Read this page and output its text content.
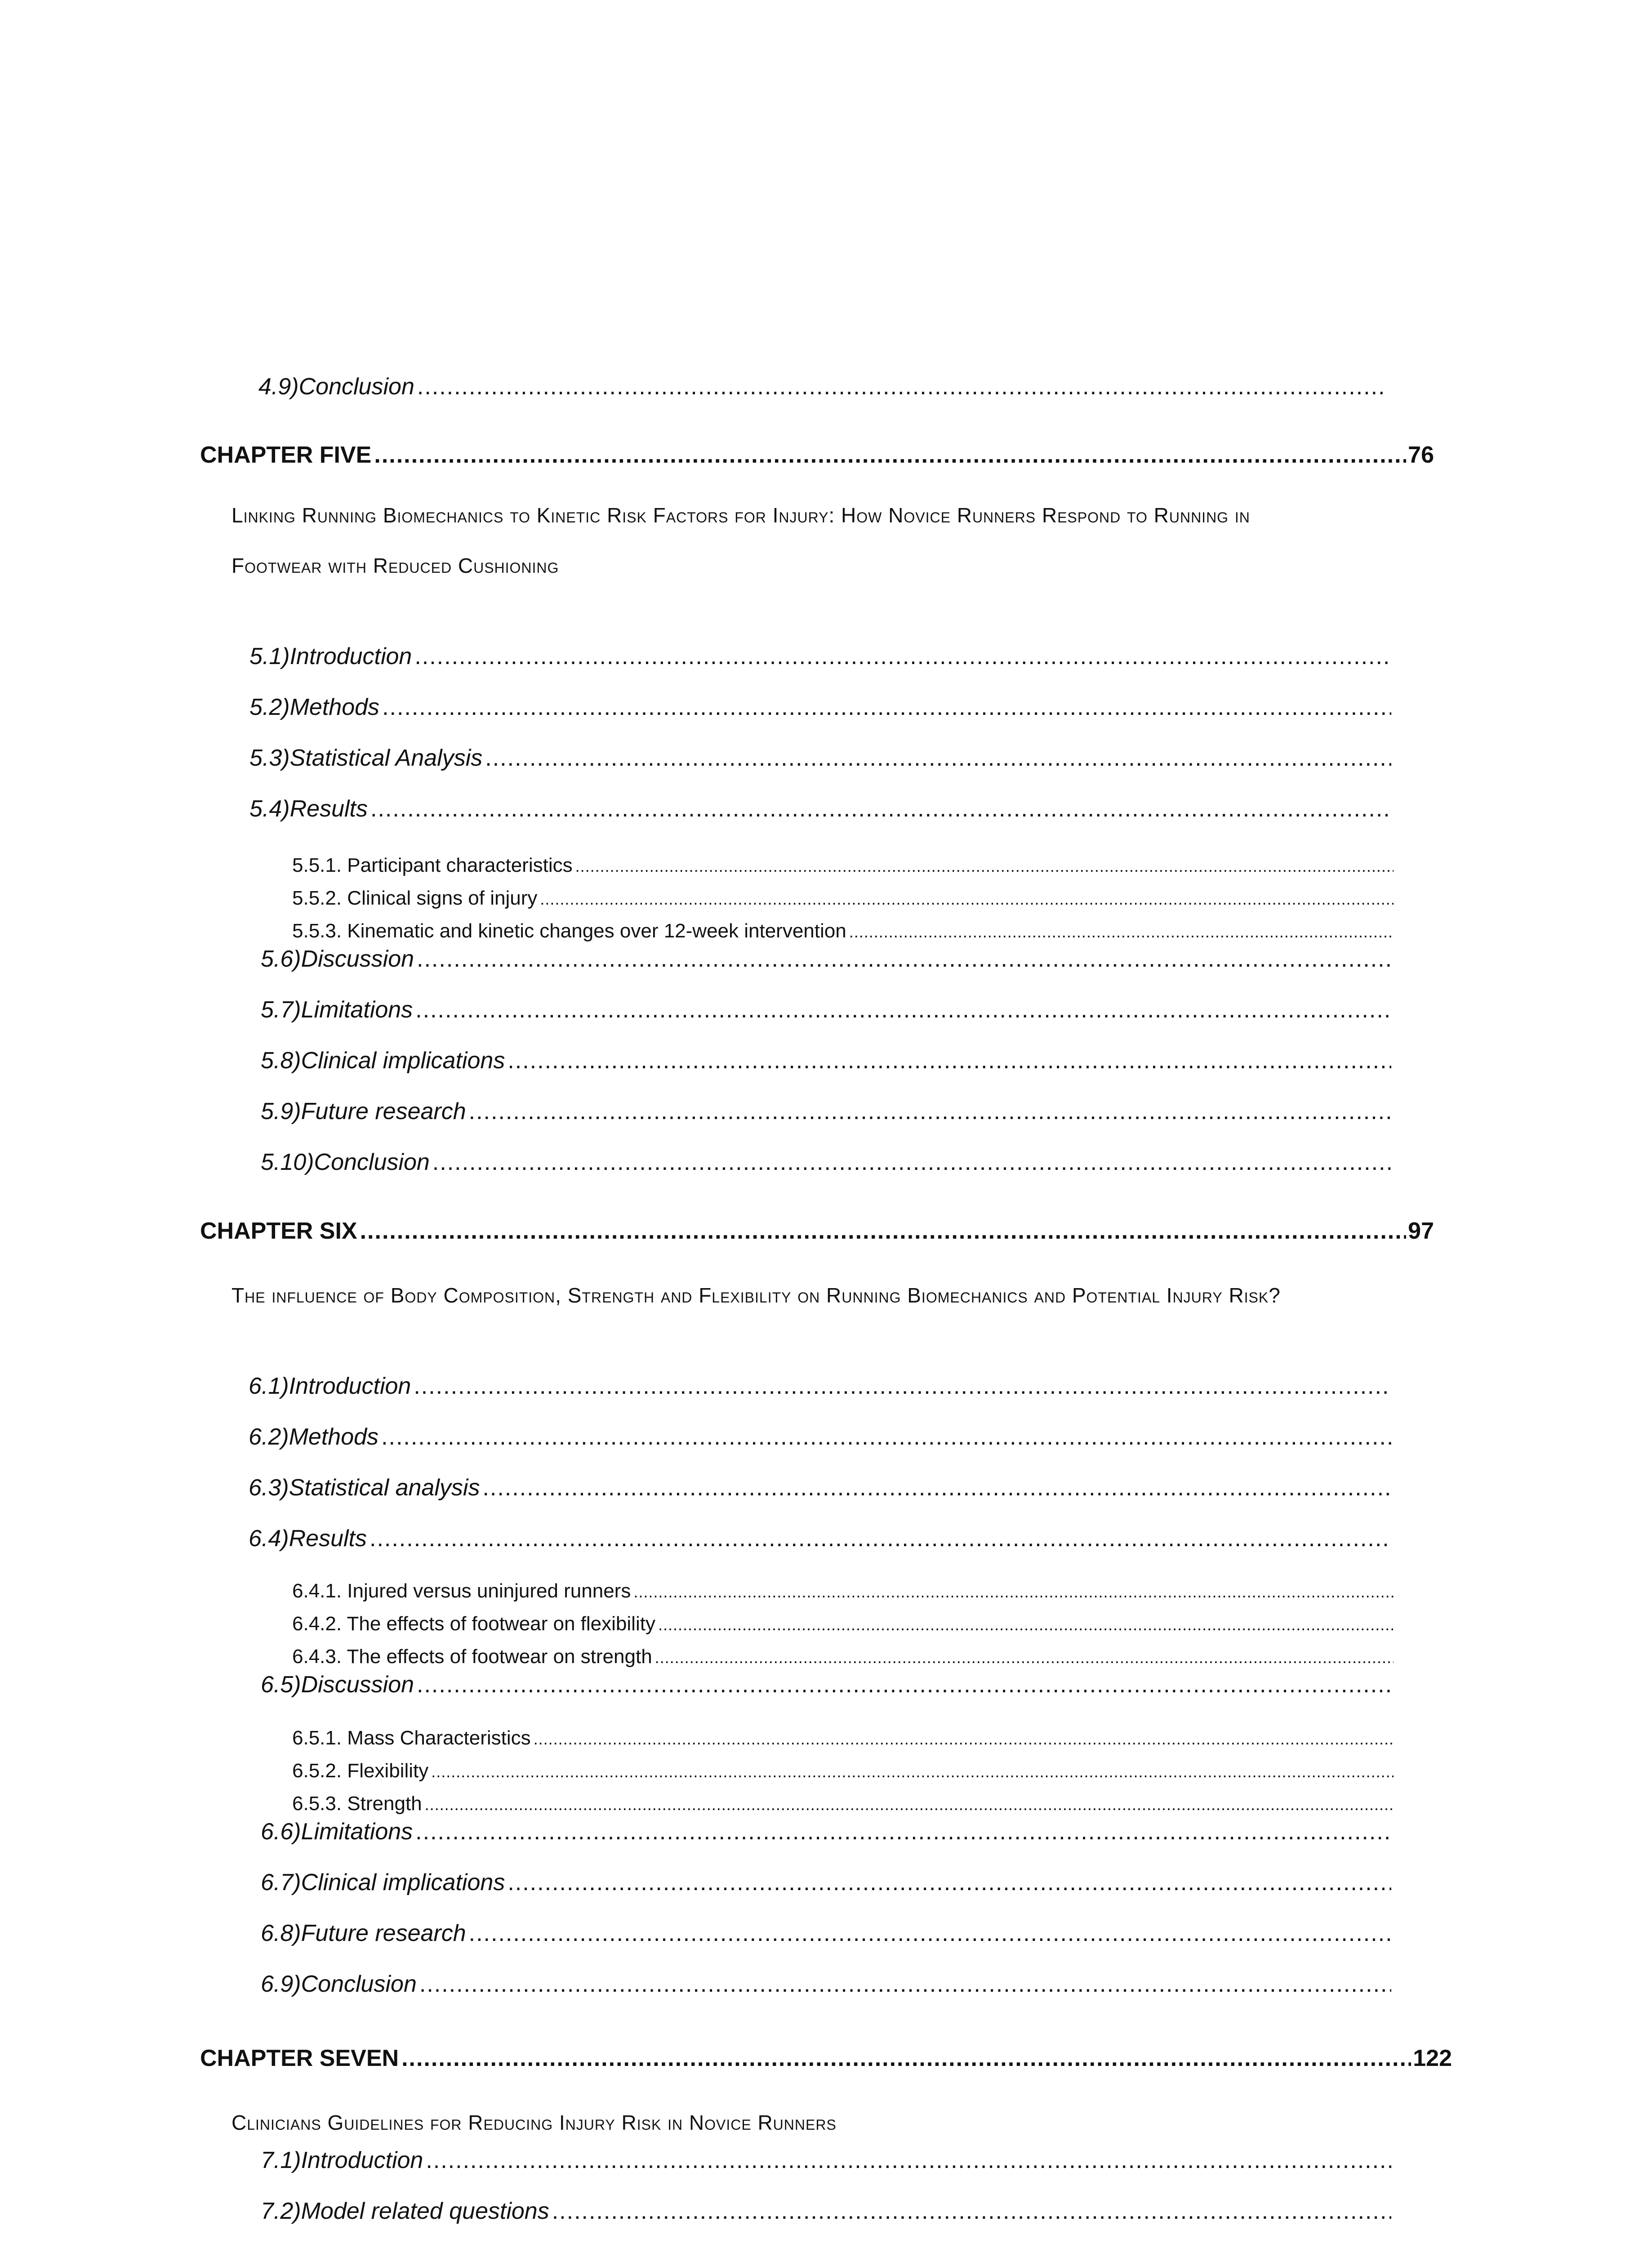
4.9) Conclusion
.....
CHAPTER FIVE .....	76
Linking Running Biomechanics to Kinetic Risk Factors for Injury: How Novice Runners Respond to Running in
Footwear with Reduced Cushioning
5.1) Introduction
.....
5.2) Methods
.....
5.3) Statistical Analysis
.....
5.4) Results
.....
5.5.1. Participant characteristics
.....
5.5.2. Clinical signs of injury
.....
5.5.3. Kinematic and kinetic changes over 12-week intervention
.....
5.6) Discussion
.....
5.7) Limitations
.....
5.8) Clinical implications
.....
5.9) Future research
.....
5.10) Conclusion
.....
CHAPTER SIX .....	97
The influence of Body Composition, Strength and Flexibility on Running Biomechanics and Potential Injury Risk?
6.1) Introduction
.....
6.2) Methods
.....
6.3) Statistical analysis
.....
6.4) Results
.....
6.4.1. Injured versus uninjured runners
.....
6.4.2. The effects of footwear on flexibility
.....
6.4.3. The effects of footwear on strength
.....
6.5) Discussion
.....
6.5.1. Mass Characteristics
.....
6.5.2. Flexibility
.....
6.5.3. Strength
.....
6.6) Limitations
.....
6.7) Clinical implications
.....
6.8) Future research
.....
6.9) Conclusion
.....
CHAPTER SEVEN .....	122
Clinicians Guidelines for Reducing Injury Risk in Novice Runners
7.1) Introduction
.....
7.2) Model related questions
.....
